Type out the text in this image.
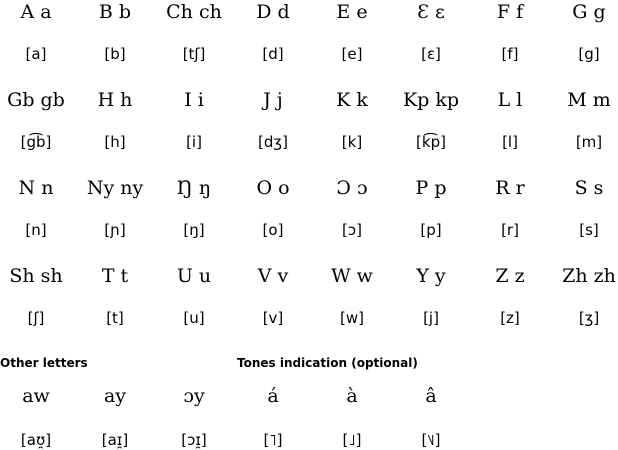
A a	B b	Ch ch	D d	E e	Ɛ ɛ	F f	G g
[a]	[b]	[tʃ]	[d]	[e]	[ɛ]	[f]	[g]
Gb gb	H h	I i	J j	K k	Kp kp	L l	M m
[g͡b]	[h]	[i]	[dʒ]	[k]	[k͡p]	[l]	[m]
N n	Ny ny	Ŋ ŋ	O o	Ɔ ɔ	P p	R r	S s
[n]	[ɲ]	[ŋ]	[o]	[ɔ]	[p]	[r]	[s]
Sh sh	T t	U u	V v	W w	Y y	Z z	Zh zh
[ʃ]	[t]	[u]	[v]	[w]	[j]	[z]	[ʒ]
Other letters	Tones indication (optional)
aw	ay	ɔy
[aʊ̯]	[aɪ̯]	[ɔɪ̯]
á	à	â
[˥]	[˩]	[˥˩]
